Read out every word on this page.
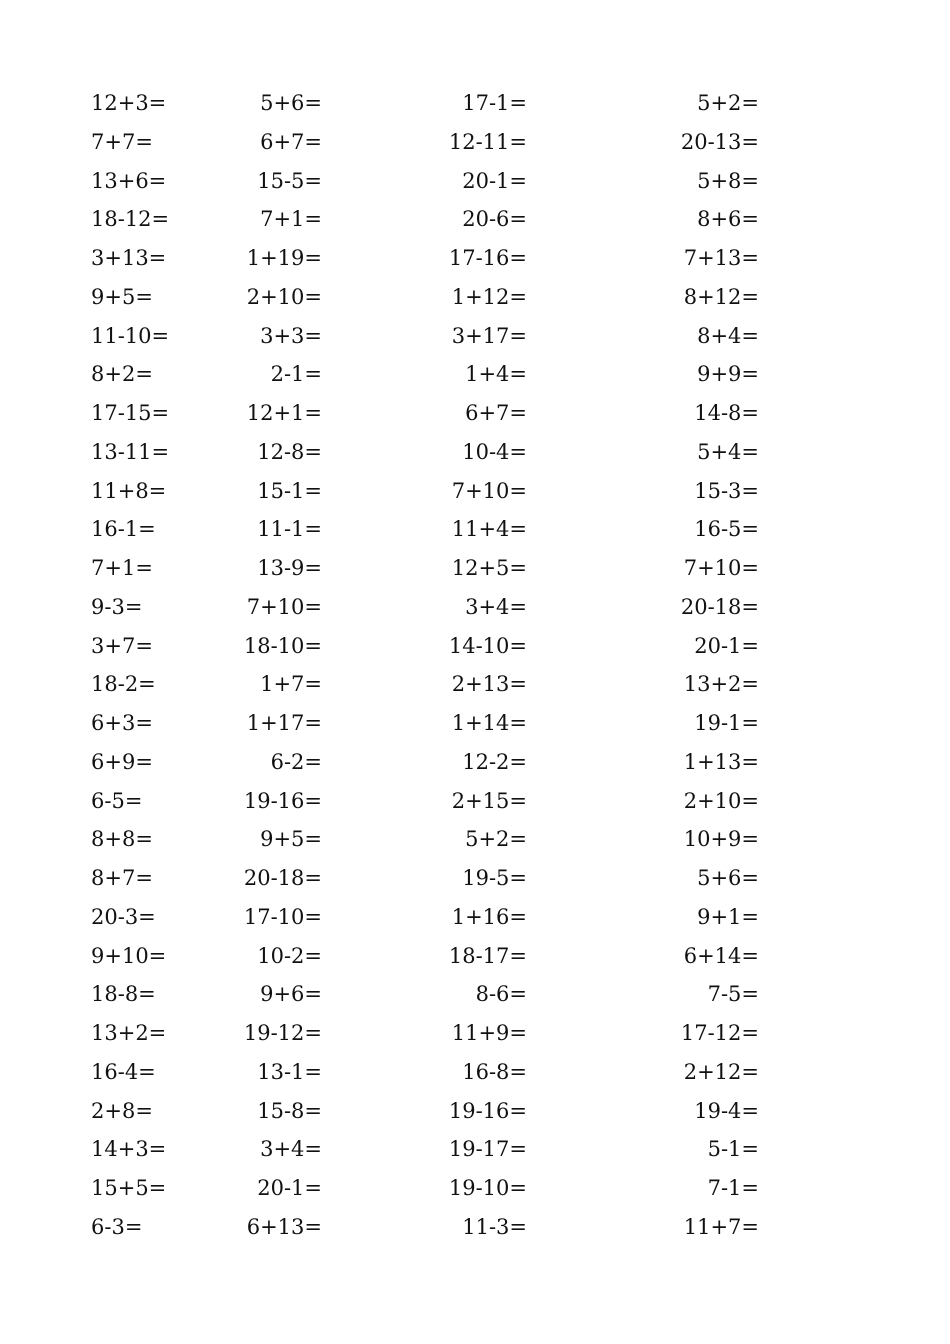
12+3=	5+6=	17-1=	5+2=
7+7=	6+7=	12-11=	20-13=
13+6=	15-5=	20-1=	5+8=
18-12=	7+1=	20-6=	8+6=
3+13=	1+19=	17-16=	7+13=
9+5=	2+10=	1+12=	8+12=
11-10=	3+3=	3+17=	8+4=
8+2=	2-1=	1+4=	9+9=
17-15=	12+1=	6+7=	14-8=
13-11=	12-8=	10-4=	5+4=
11+8=	15-1=	7+10=	15-3=
16-1=	11-1=	11+4=	16-5=
7+1=	13-9=	12+5=	7+10=
9-3=	7+10=	3+4=	20-18=
3+7=	18-10=	14-10=	20-1=
18-2=	1+7=	2+13=	13+2=
6+3=	1+17=	1+14=	19-1=
6+9=	6-2=	12-2=	1+13=
6-5=	19-16=	2+15=	2+10=
8+8=	9+5=	5+2=	10+9=
8+7=	20-18=	19-5=	5+6=
20-3=	17-10=	1+16=	9+1=
9+10=	10-2=	18-17=	6+14=
18-8=	9+6=	8-6=	7-5=
13+2=	19-12=	11+9=	17-12=
16-4=	13-1=	16-8=	2+12=
2+8=	15-8=	19-16=	19-4=
14+3=	3+4=	19-17=	5-1=
15+5=	20-1=	19-10=	7-1=
6-3=	6+13=	11-3=	11+7=
